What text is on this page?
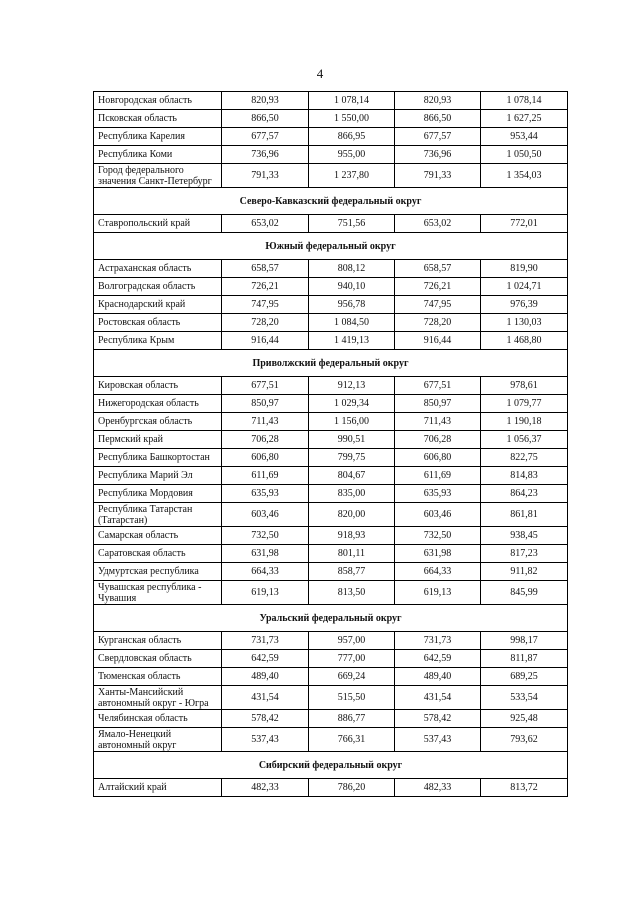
4
Новгородская область	820,93	1 078,14	820,93	1 078,14
Псковская область	866,50	1 550,00	866,50	1 627,25
Республика Карелия	677,57	866,95	677,57	953,44
Республика Коми	736,96	955,00	736,96	1 050,50
Город федерального значения Санкт-Петербург	791,33	1 237,80	791,33	1 354,03
Северо-Кавказский федеральный округ				
Ставропольский край	653,02	751,56	653,02	772,01
Южный федеральный округ				
Астраханская область	658,57	808,12	658,57	819,90
Волгоградская область	726,21	940,10	726,21	1 024,71
Краснодарский край	747,95	956,78	747,95	976,39
Ростовская область	728,20	1 084,50	728,20	1 130,03
Республика Крым	916,44	1 419,13	916,44	1 468,80
Приволжский федеральный округ				
Кировская область	677,51	912,13	677,51	978,61
Нижегородская область	850,97	1 029,34	850,97	1 079,77
Оренбургская область	711,43	1 156,00	711,43	1 190,18
Пермский край	706,28	990,51	706,28	1 056,37
Республика Башкортостан	606,80	799,75	606,80	822,75
Республика Марий Эл	611,69	804,67	611,69	814,83
Республика Мордовия	635,93	835,00	635,93	864,23
Республика Татарстан (Татарстан)	603,46	820,00	603,46	861,81
Самарская область	732,50	918,93	732,50	938,45
Саратовская область	631,98	801,11	631,98	817,23
Удмуртская республика	664,33	858,77	664,33	911,82
Чувашская республика - Чувашия	619,13	813,50	619,13	845,99
Уральский федеральный округ				
Курганская область	731,73	957,00	731,73	998,17
Свердловская область	642,59	777,00	642,59	811,87
Тюменская область	489,40	669,24	489,40	689,25
Ханты-Мансийский автономный округ - Югра	431,54	515,50	431,54	533,54
Челябинская область	578,42	886,77	578,42	925,48
Ямало-Ненецкий автономный округ	537,43	766,31	537,43	793,62
Сибирский федеральный округ				
Алтайский край	482,33	786,20	482,33	813,72
